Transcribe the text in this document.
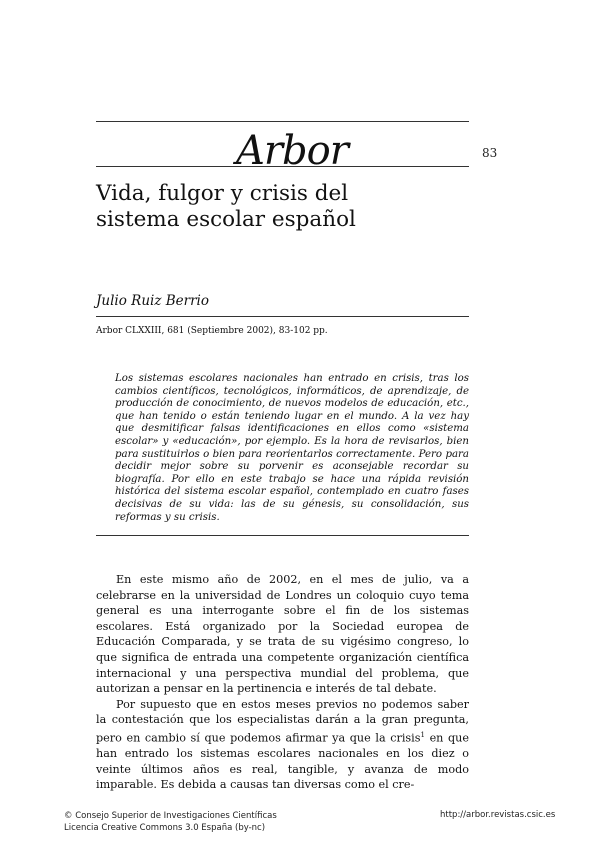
Arbor	83
Vida, fulgor y crisis del
sistema escolar español
Julio Ruiz Berrio
Arbor CLXXIII, 681 (Septiembre 2002), 83-102 pp.
Los sistemas escolares nacionales han entrado en crisis, tras los cambios científicos, tecnológicos, informáticos, de aprendizaje, de producción de conocimiento, de nuevos modelos de educación, etc., que han tenido o están teniendo lugar en el mundo. A la vez hay que desmitificar falsas identificaciones en ellos como «sistema escolar» y «educación», por ejemplo. Es la hora de revisarlos, bien para sustituirlos o bien para reorientarlos correctamente. Pero para decidir mejor sobre su porvenir es aconsejable recordar su biografía. Por ello en este trabajo se hace una rápida revisión histórica del sistema escolar español, contemplado en cuatro fases decisivas de su vida: las de su génesis, su consolidación, sus reformas y su crisis.

En este mismo año de 2002, en el mes de julio, va a celebrarse en la universidad de Londres un coloquio cuyo tema general es una interrogante sobre el fin de los sistemas escolares. Está organizado por la Sociedad europea de Educación Comparada, y se trata de su vigésimo congreso, lo que significa de entrada una competente organización científica internacional y una perspectiva mundial del problema, que autorizan a pensar en la pertinencia e interés de tal debate.

Por supuesto que en estos meses previos no podemos saber la contestación que los especialistas darán a la gran pregunta, pero en cambio sí que podemos afirmar ya que la crisis$^1$ en que han entrado los sistemas escolares nacionales en los diez o veinte últimos años es real, tangible, y avanza de modo imparable. Es debida a causas tan diversas como el cre-

© Consejo Superior de Investigaciones Científicas
Licencia Creative Commons 3.0 España (by-nc)
http://arbor.revistas.csic.es
